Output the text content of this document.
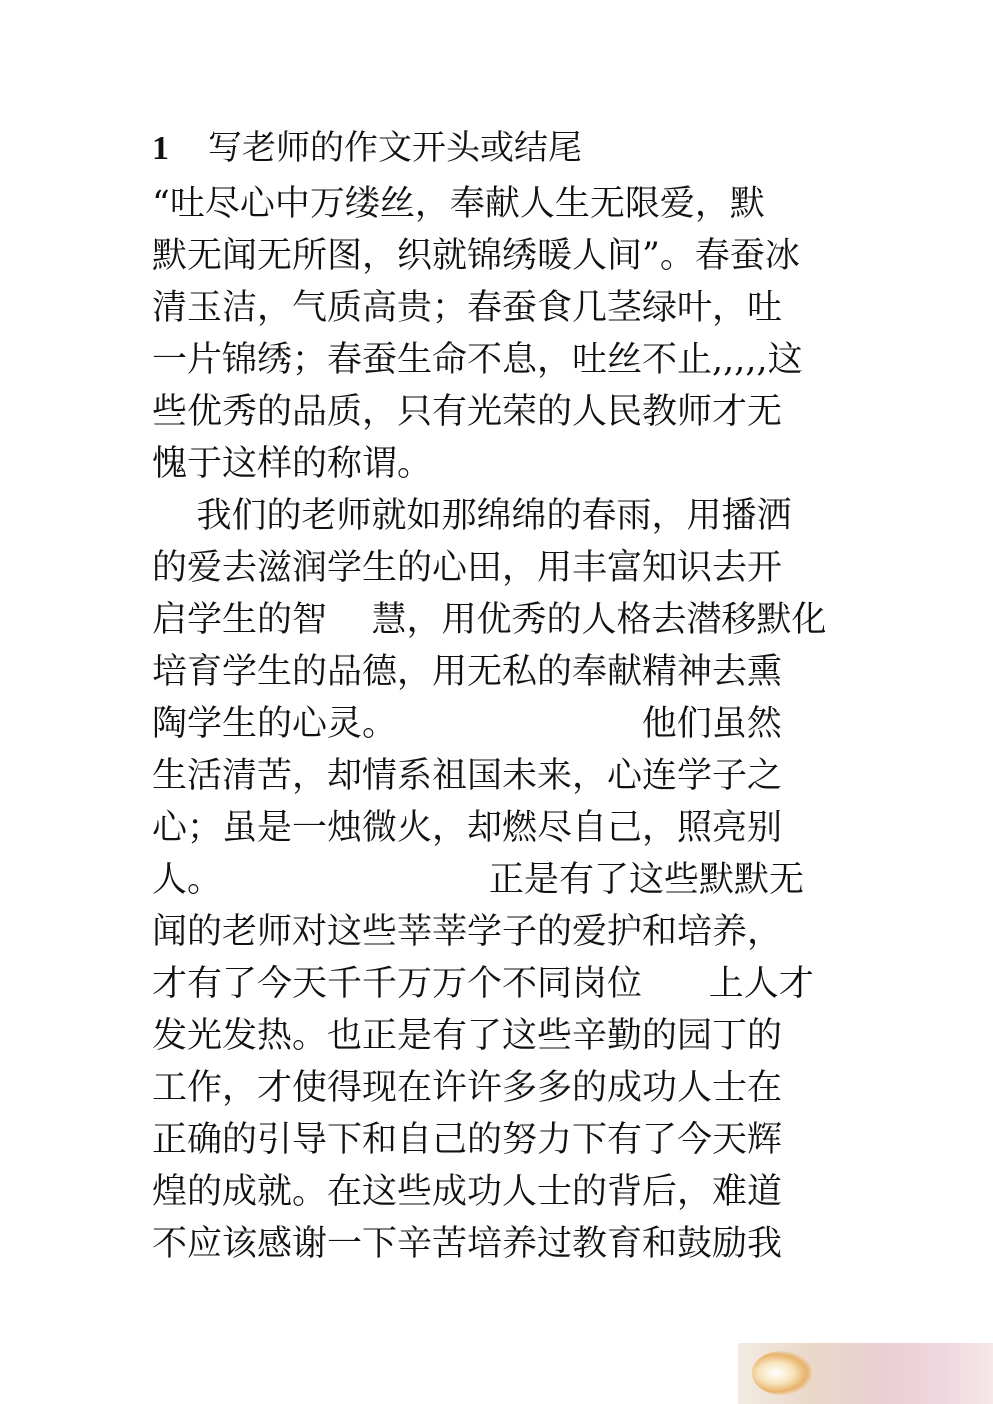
1 写老师的作文开头或结尾
“吐尽心中万缕丝，奉献人生无限爱，默
默无闻无所图，织就锦绣暖人间”。春蚕冰
清玉洁，气质高贵；春蚕食几茎绿叶，吐
一片锦绣；春蚕生命不息，吐丝不止,,,,,这
些优秀的品质，只有光荣的人民教师才无
愧于这样的称谓。
我们的老师就如那绵绵的春雨，用播洒
的爱去滋润学生的心田，用丰富知识去开
启学生的智    慧，用优秀的人格去潜移默化
培育学生的品德，用无私的奉献精神去熏
陶学生的心灵。                      他们虽然
生活清苦，却情系祖国未来，心连学子之
心；虽是一烛微火，却燃尽自己，照亮别
人。                        正是有了这些默默无
闻的老师对这些莘莘学子的爱护和培养，
才有了今天千千万万个不同岗位      上人才
发光发热。也正是有了这些辛勤的园丁的
工作，才使得现在许许多多的成功人士在
正确的引导下和自己的努力下有了今天辉
煌的成就。在这些成功人士的背后，难道
不应该感谢一下辛苦培养过教育和鼓励我
